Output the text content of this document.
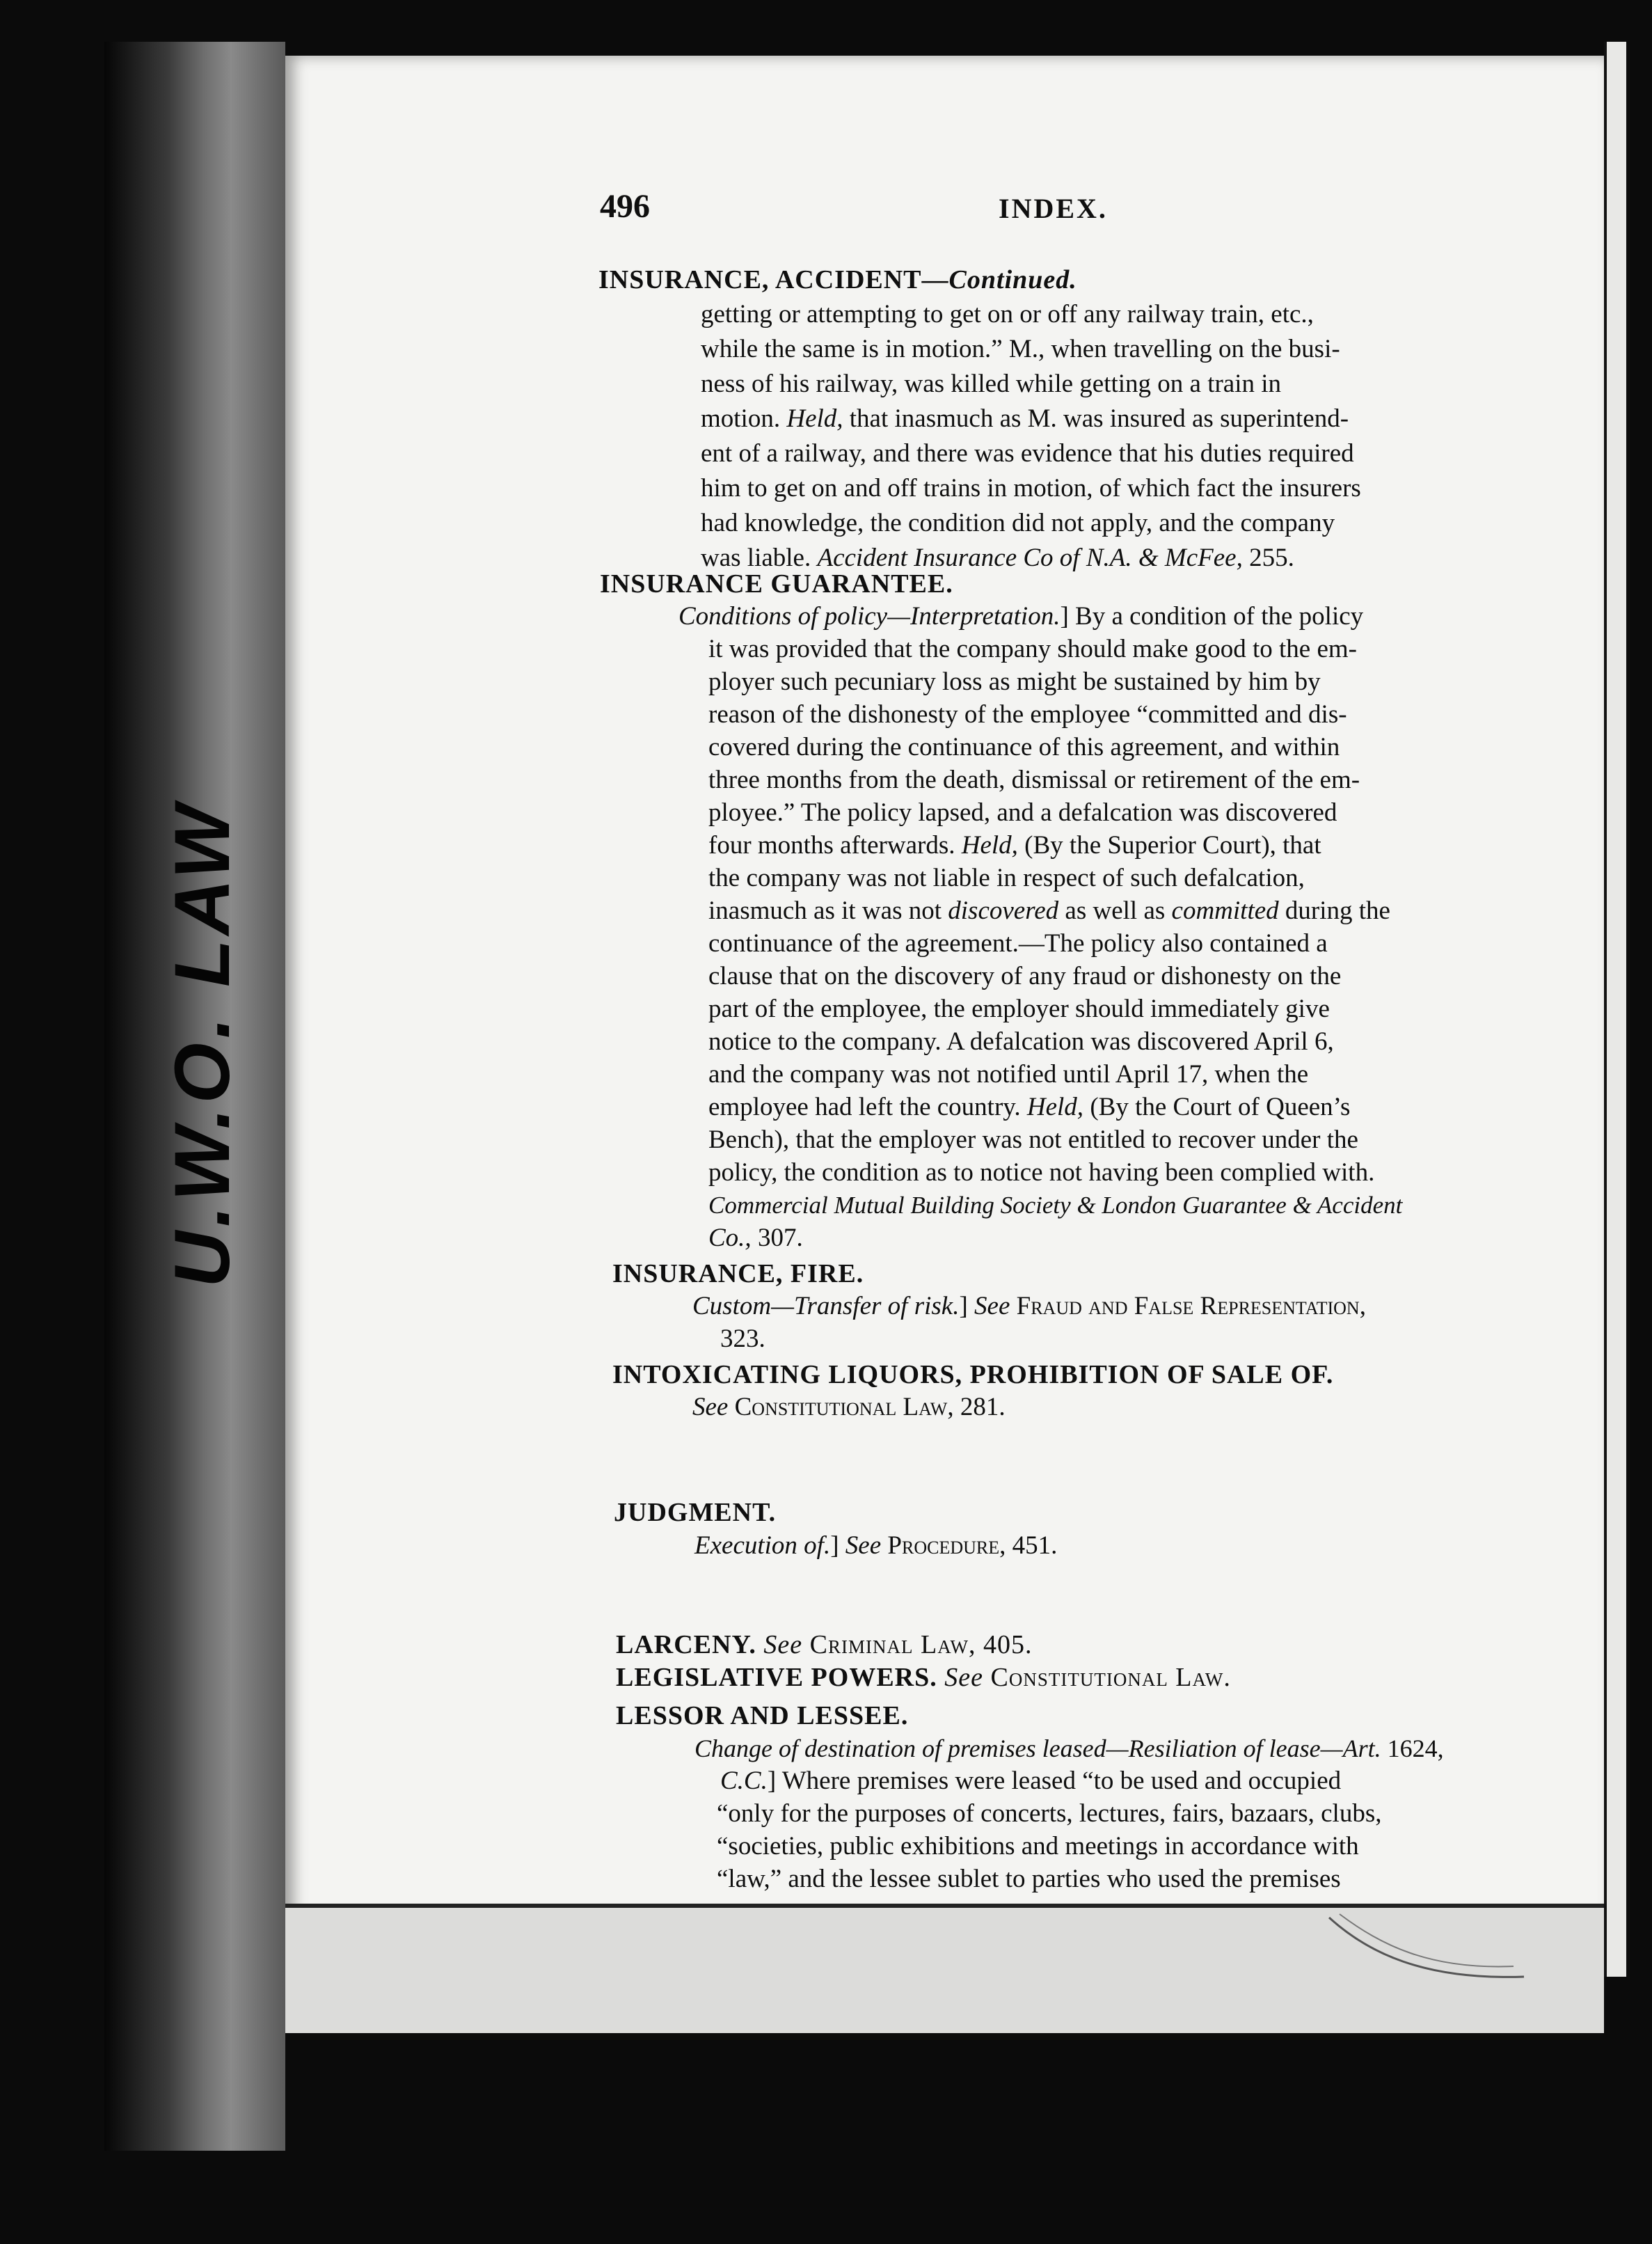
U.W.O. LAW
496	INDEX.
INSURANCE, ACCIDENT—Continued.
getting or attempting to get on or off any railway train, etc.,
while the same is in motion.” M., when travelling on the busi-
ness of his railway, was killed while getting on a train in
motion. Held, that inasmuch as M. was insured as superintend-
ent of a railway, and there was evidence that his duties required
him to get on and off trains in motion, of which fact the insurers
had knowledge, the condition did not apply, and the company
was liable. Accident Insurance Co of N.A. & McFee, 255.
INSURANCE GUARANTEE.
Conditions of policy—Interpretation.] By a condition of the policy
it was provided that the company should make good to the em-
ployer such pecuniary loss as might be sustained by him by
reason of the dishonesty of the employee “committed and dis-
covered during the continuance of this agreement, and within
three months from the death, dismissal or retirement of the em-
ployee.” The policy lapsed, and a defalcation was discovered
four months afterwards. Held, (By the Superior Court), that
the company was not liable in respect of such defalcation,
inasmuch as it was not discovered as well as committed during the
continuance of the agreement.—The policy also contained a
clause that on the discovery of any fraud or dishonesty on the
part of the employee, the employer should immediately give
notice to the company. A defalcation was discovered April 6,
and the company was not notified until April 17, when the
employee had left the country. Held, (By the Court of Queen’s
Bench), that the employer was not entitled to recover under the
policy, the condition as to notice not having been complied with.
Commercial Mutual Building Society & London Guarantee & Accident
Co., 307.
INSURANCE, FIRE.
Custom—Transfer of risk.] See Fraud and False Representation,
323.
INTOXICATING LIQUORS, PROHIBITION OF SALE OF.
See Constitutional Law, 281.
JUDGMENT.
Execution of.] See Procedure, 451.
LARCENY. See Criminal Law, 405.
LEGISLATIVE POWERS. See Constitutional Law.
LESSOR AND LESSEE.
Change of destination of premises leased—Resiliation of lease—Art. 1624,
C.C.] Where premises were leased “to be used and occupied
“only for the purposes of concerts, lectures, fairs, bazaars, clubs,
“societies, public exhibitions and meetings in accordance with
“law,” and the lessee sublet to parties who used the premises
